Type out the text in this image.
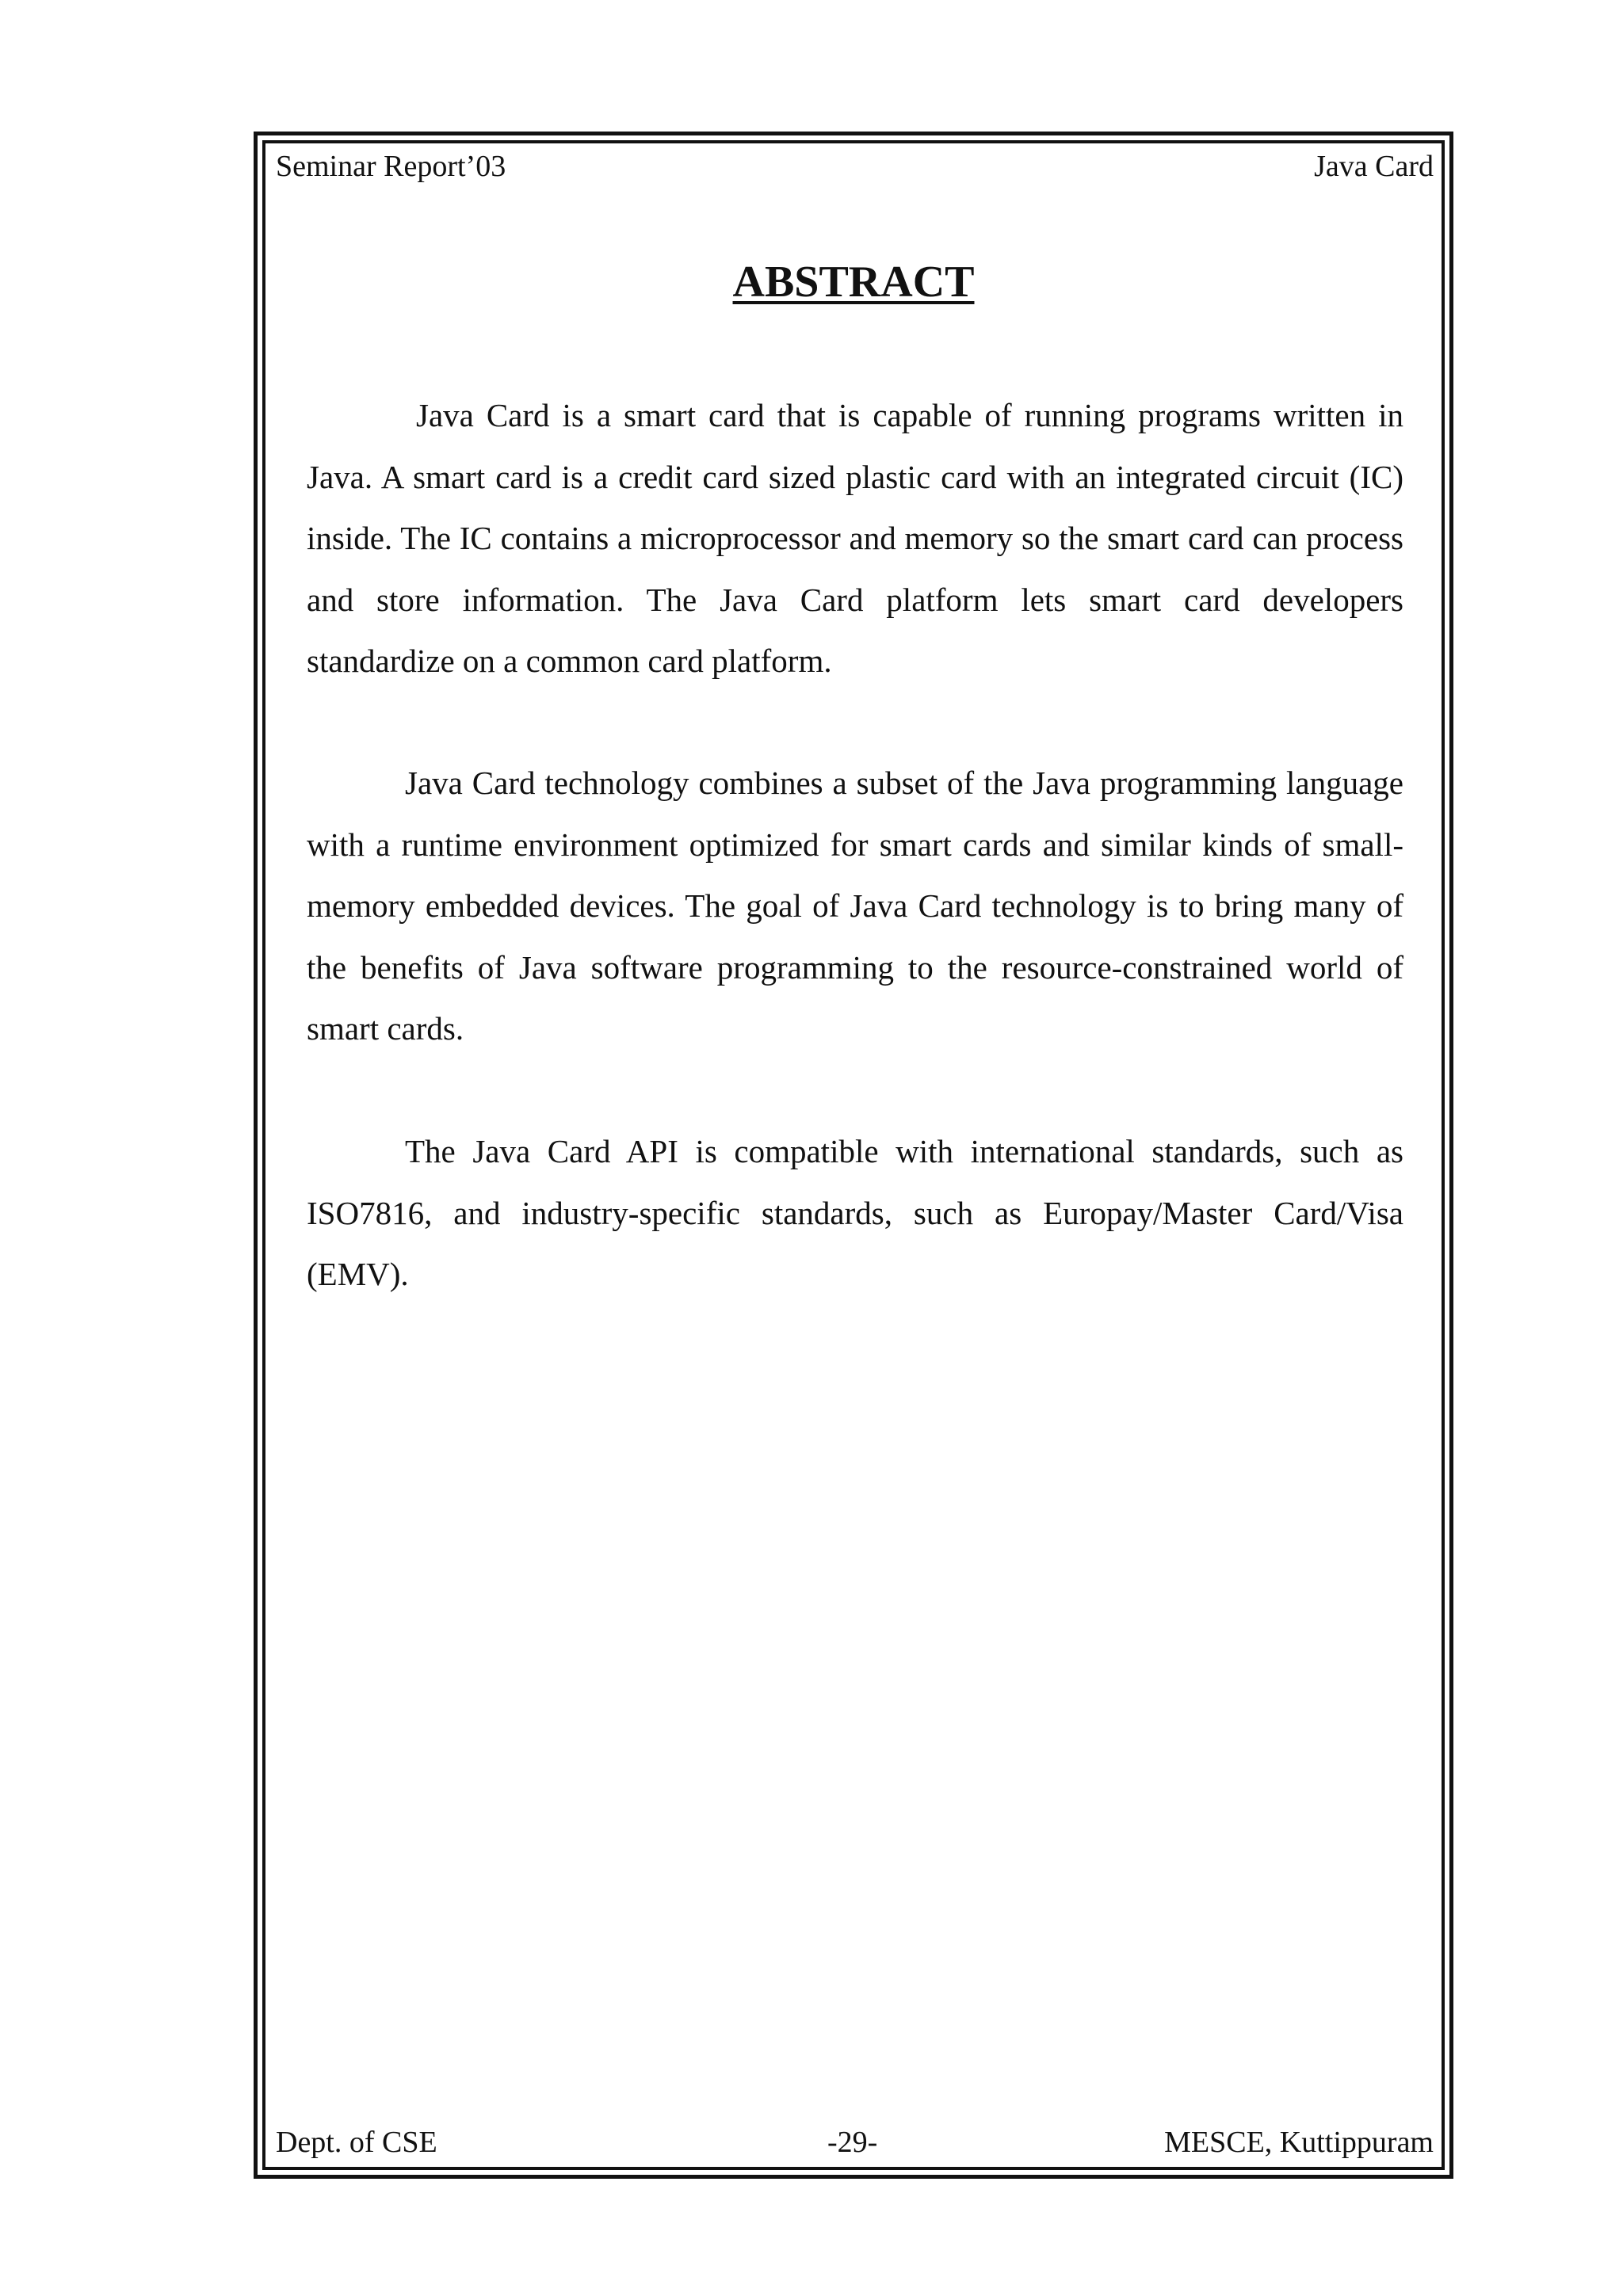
Seminar Report’03	Java Card
ABSTRACT

Java Card is a smart card that is capable of running programs written in Java. A smart card is a credit card sized plastic card with an integrated circuit (IC) inside. The IC contains a microprocessor and memory so the smart card can process and store information. The Java Card platform lets smart card developers standardize on a common card platform.

Java Card technology combines a subset of the Java programming language with a runtime environment optimized for smart cards and similar kinds of small-memory embedded devices. The goal of Java Card technology is to bring many of the benefits of Java software programming to the resource-constrained world of smart cards.

The Java Card API is compatible with international standards, such as ISO7816, and industry-specific standards, such as Europay/Master Card/Visa (EMV).

Dept. of CSE	-29-	MESCE, Kuttippuram
